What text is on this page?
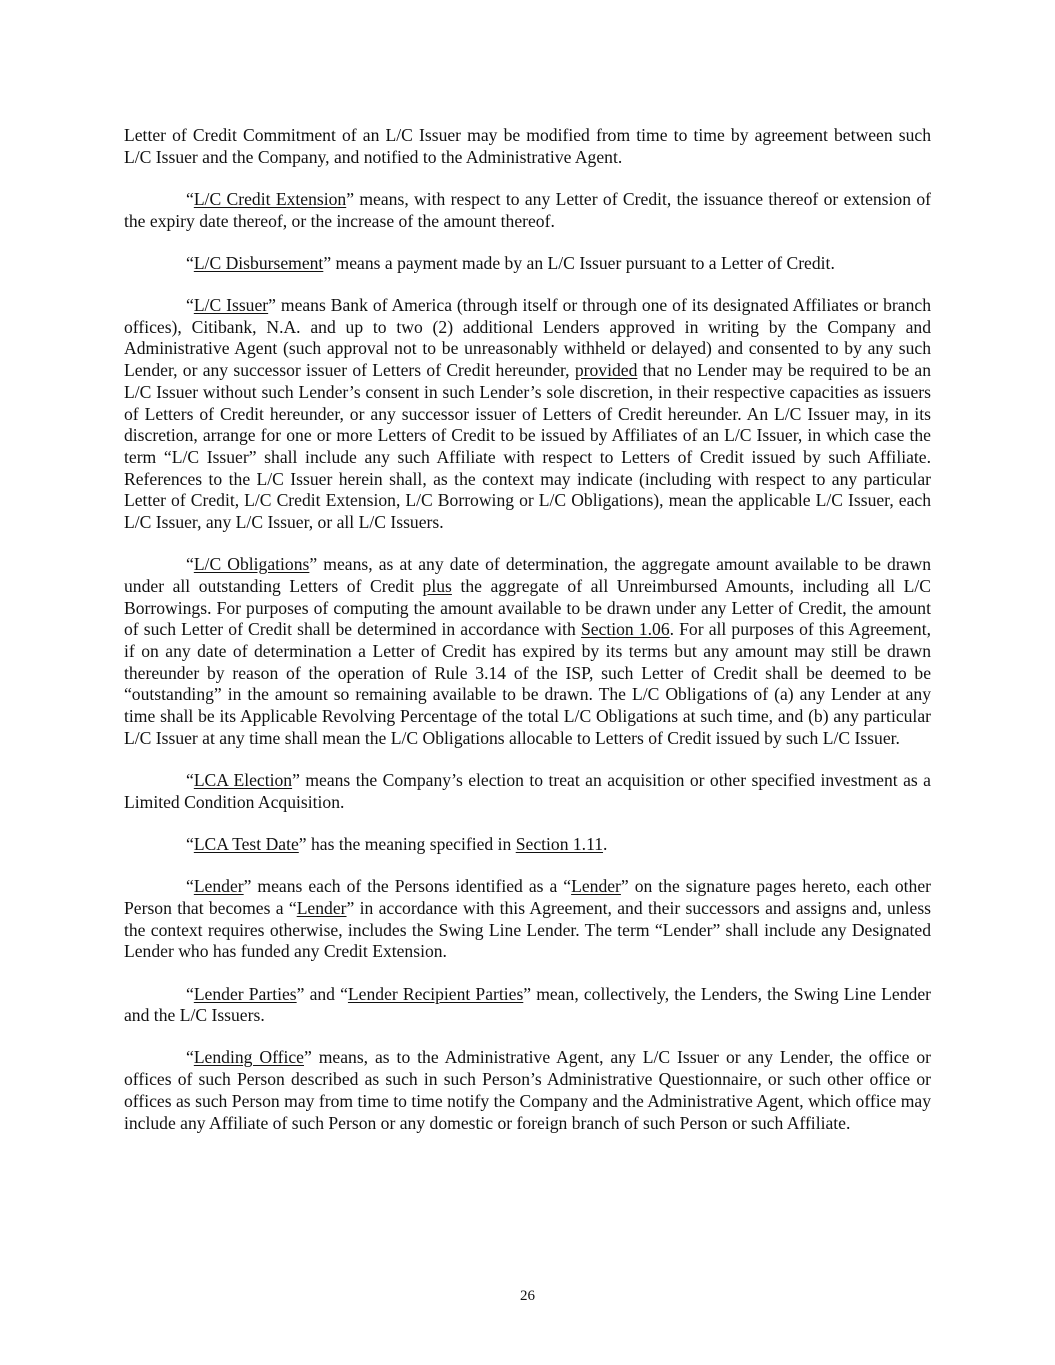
Letter of Credit Commitment of an L/C Issuer may be modified from time to time by agreement between such L/C Issuer and the Company, and notified to the Administrative Agent.

“L/C Credit Extension” means, with respect to any Letter of Credit, the issuance thereof or extension of the expiry date thereof, or the increase of the amount thereof.

“L/C Disbursement” means a payment made by an L/C Issuer pursuant to a Letter of Credit.

“L/C Issuer” means Bank of America (through itself or through one of its designated Affiliates or branch offices), Citibank, N.A. and up to two (2) additional Lenders approved in writing by the Company and Administrative Agent (such approval not to be unreasonably withheld or delayed) and consented to by any such Lender, or any successor issuer of Letters of Credit hereunder, provided that no Lender may be required to be an L/C Issuer without such Lender’s consent in such Lender’s sole discretion, in their respective capacities as issuers of Letters of Credit hereunder, or any successor issuer of Letters of Credit hereunder. An L/C Issuer may, in its discretion, arrange for one or more Letters of Credit to be issued by Affiliates of an L/C Issuer, in which case the term “L/C Issuer” shall include any such Affiliate with respect to Letters of Credit issued by such Affiliate. References to the L/C Issuer herein shall, as the context may indicate (including with respect to any particular Letter of Credit, L/C Credit Extension, L/C Borrowing or L/C Obligations), mean the applicable L/C Issuer, each L/C Issuer, any L/C Issuer, or all L/C Issuers.

“L/C Obligations” means, as at any date of determination, the aggregate amount available to be drawn under all outstanding Letters of Credit plus the aggregate of all Unreimbursed Amounts, including all L/C Borrowings. For purposes of computing the amount available to be drawn under any Letter of Credit, the amount of such Letter of Credit shall be determined in accordance with Section 1.06. For all purposes of this Agreement, if on any date of determination a Letter of Credit has expired by its terms but any amount may still be drawn thereunder by reason of the operation of Rule 3.14 of the ISP, such Letter of Credit shall be deemed to be “outstanding” in the amount so remaining available to be drawn. The L/C Obligations of (a) any Lender at any time shall be its Applicable Revolving Percentage of the total L/C Obligations at such time, and (b) any particular L/C Issuer at any time shall mean the L/C Obligations allocable to Letters of Credit issued by such L/C Issuer.

“LCA Election” means the Company’s election to treat an acquisition or other specified investment as a Limited Condition Acquisition.

“LCA Test Date” has the meaning specified in Section 1.11.

“Lender” means each of the Persons identified as a “Lender” on the signature pages hereto, each other Person that becomes a “Lender” in accordance with this Agreement, and their successors and assigns and, unless the context requires otherwise, includes the Swing Line Lender. The term “Lender” shall include any Designated Lender who has funded any Credit Extension.

“Lender Parties” and “Lender Recipient Parties” mean, collectively, the Lenders, the Swing Line Lender and the L/C Issuers.

“Lending Office” means, as to the Administrative Agent, any L/C Issuer or any Lender, the office or offices of such Person described as such in such Person’s Administrative Questionnaire, or such other office or offices as such Person may from time to time notify the Company and the Administrative Agent, which office may include any Affiliate of such Person or any domestic or foreign branch of such Person or such Affiliate.

26
